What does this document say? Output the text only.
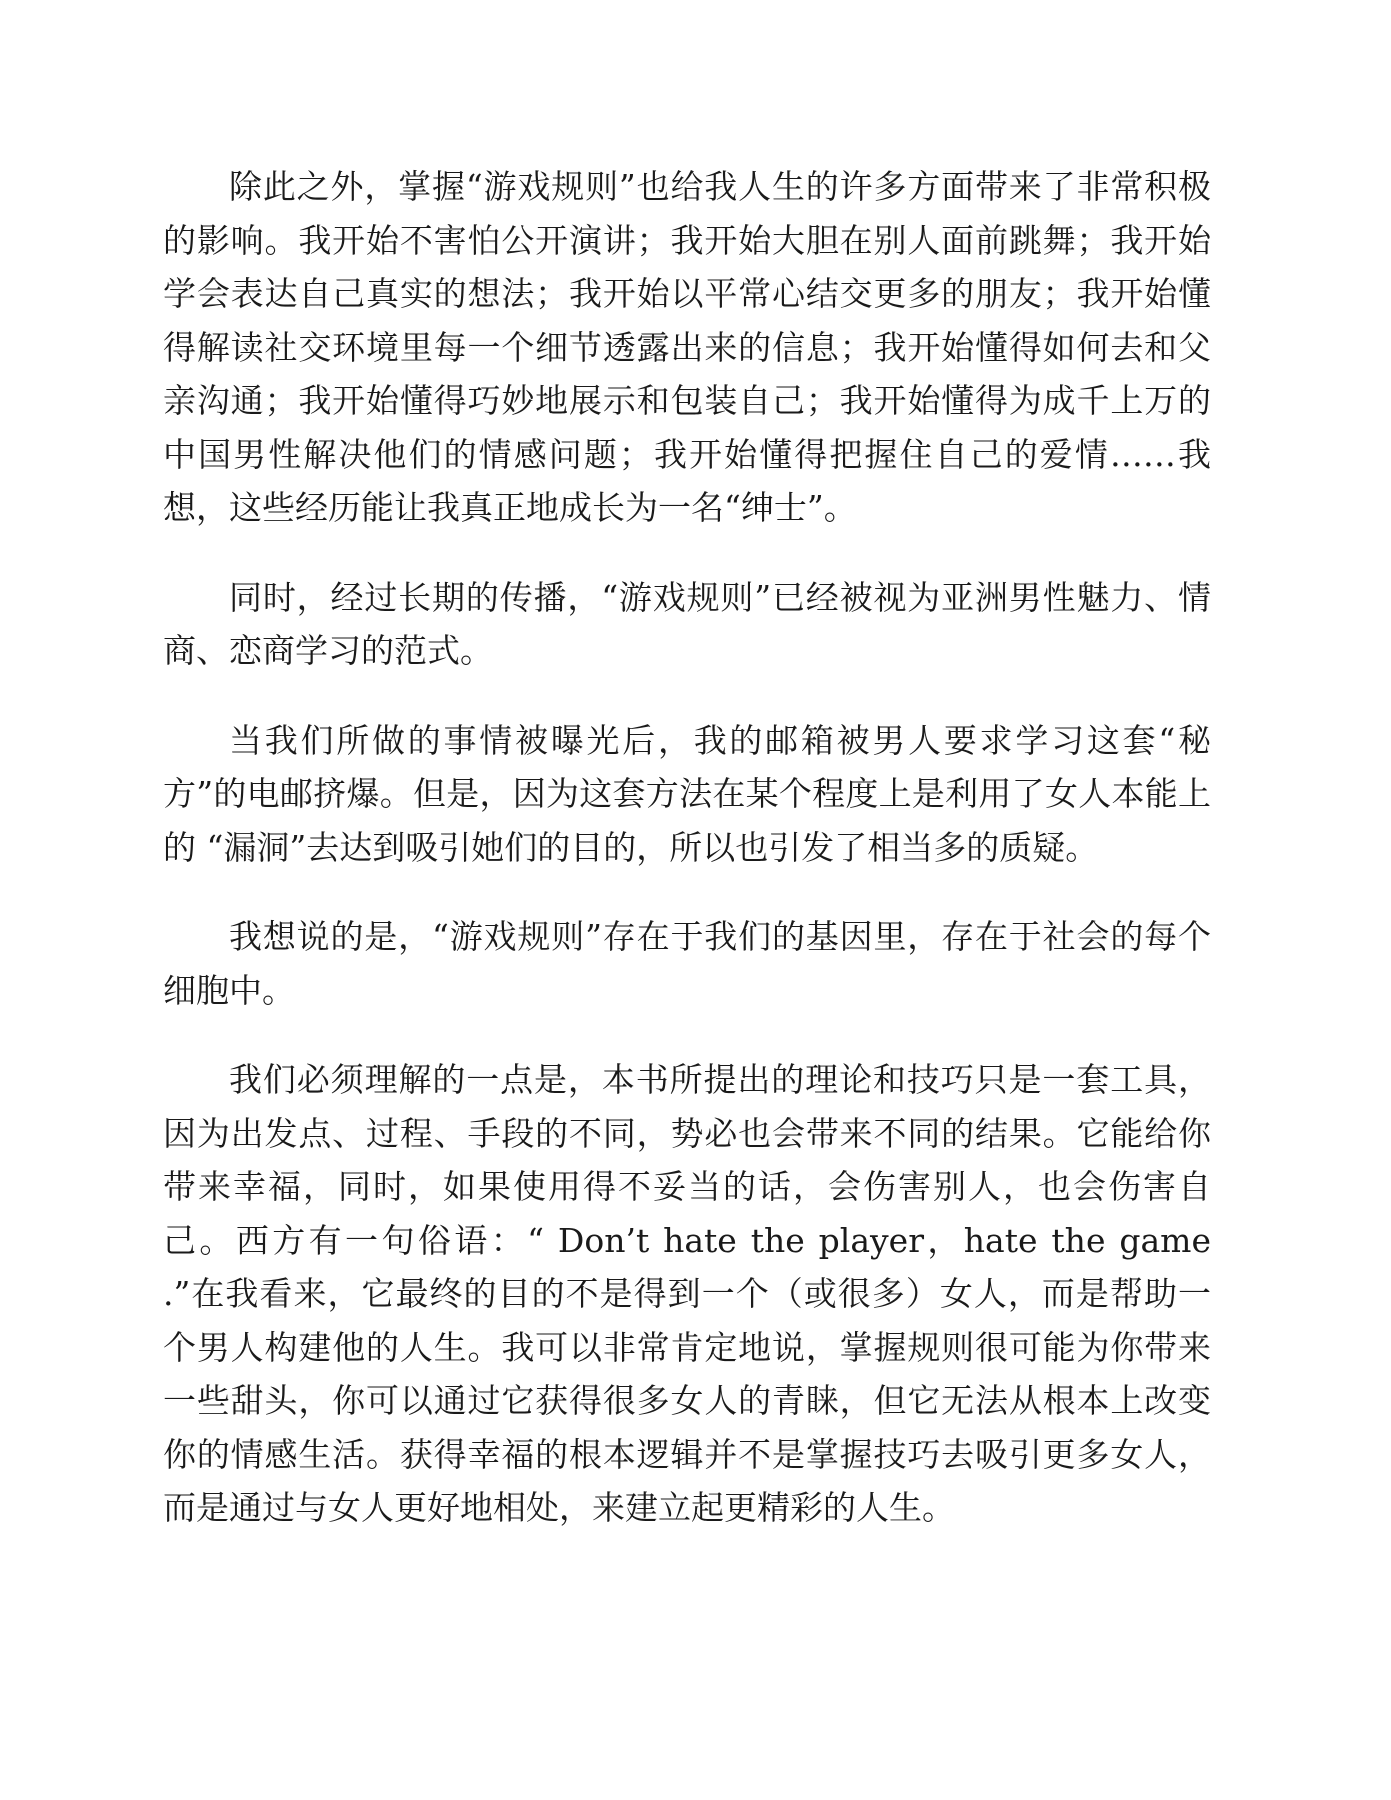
除此之外，掌握“游戏规则”也给我人生的许多方面带来了非常积极的影响。我开始不害怕公开演讲；我开始大胆在别人面前跳舞；我开始学会表达自己真实的想法；我开始以平常心结交更多的朋友；我开始懂得解读社交环境里每一个细节透露出来的信息；我开始懂得如何去和父亲沟通；我开始懂得巧妙地展示和包装自己；我开始懂得为成千上万的中国男性解决他们的情感问题；我开始懂得把握住自己的爱情……我想，这些经历能让我真正地成长为一名“绅士”。

同时，经过长期的传播，“游戏规则”已经被视为亚洲男性魅力、情商、恋商学习的范式。

当我们所做的事情被曝光后，我的邮箱被男人要求学习这套“秘方”的电邮挤爆。但是，因为这套方法在某个程度上是利用了女人本能上的 “漏洞”去达到吸引她们的目的，所以也引发了相当多的质疑。

我想说的是，“游戏规则”存在于我们的基因里，存在于社会的每个细胞中。

我们必须理解的一点是，本书所提出的理论和技巧只是一套工具，因为出发点、过程、手段的不同，势必也会带来不同的结果。它能给你带来幸福，同时，如果使用得不妥当的话，会伤害别人，也会伤害自己。西方有一句俗语：“ Don’t hate the player，hate the game .”在我看来，它最终的目的不是得到一个（或很多）女人，而是帮助一个男人构建他的人生。我可以非常肯定地说，掌握规则很可能为你带来一些甜头，你可以通过它获得很多女人的青睐，但它无法从根本上改变你的情感生活。获得幸福的根本逻辑并不是掌握技巧去吸引更多女人，而是通过与女人更好地相处，来建立起更精彩的人生。
